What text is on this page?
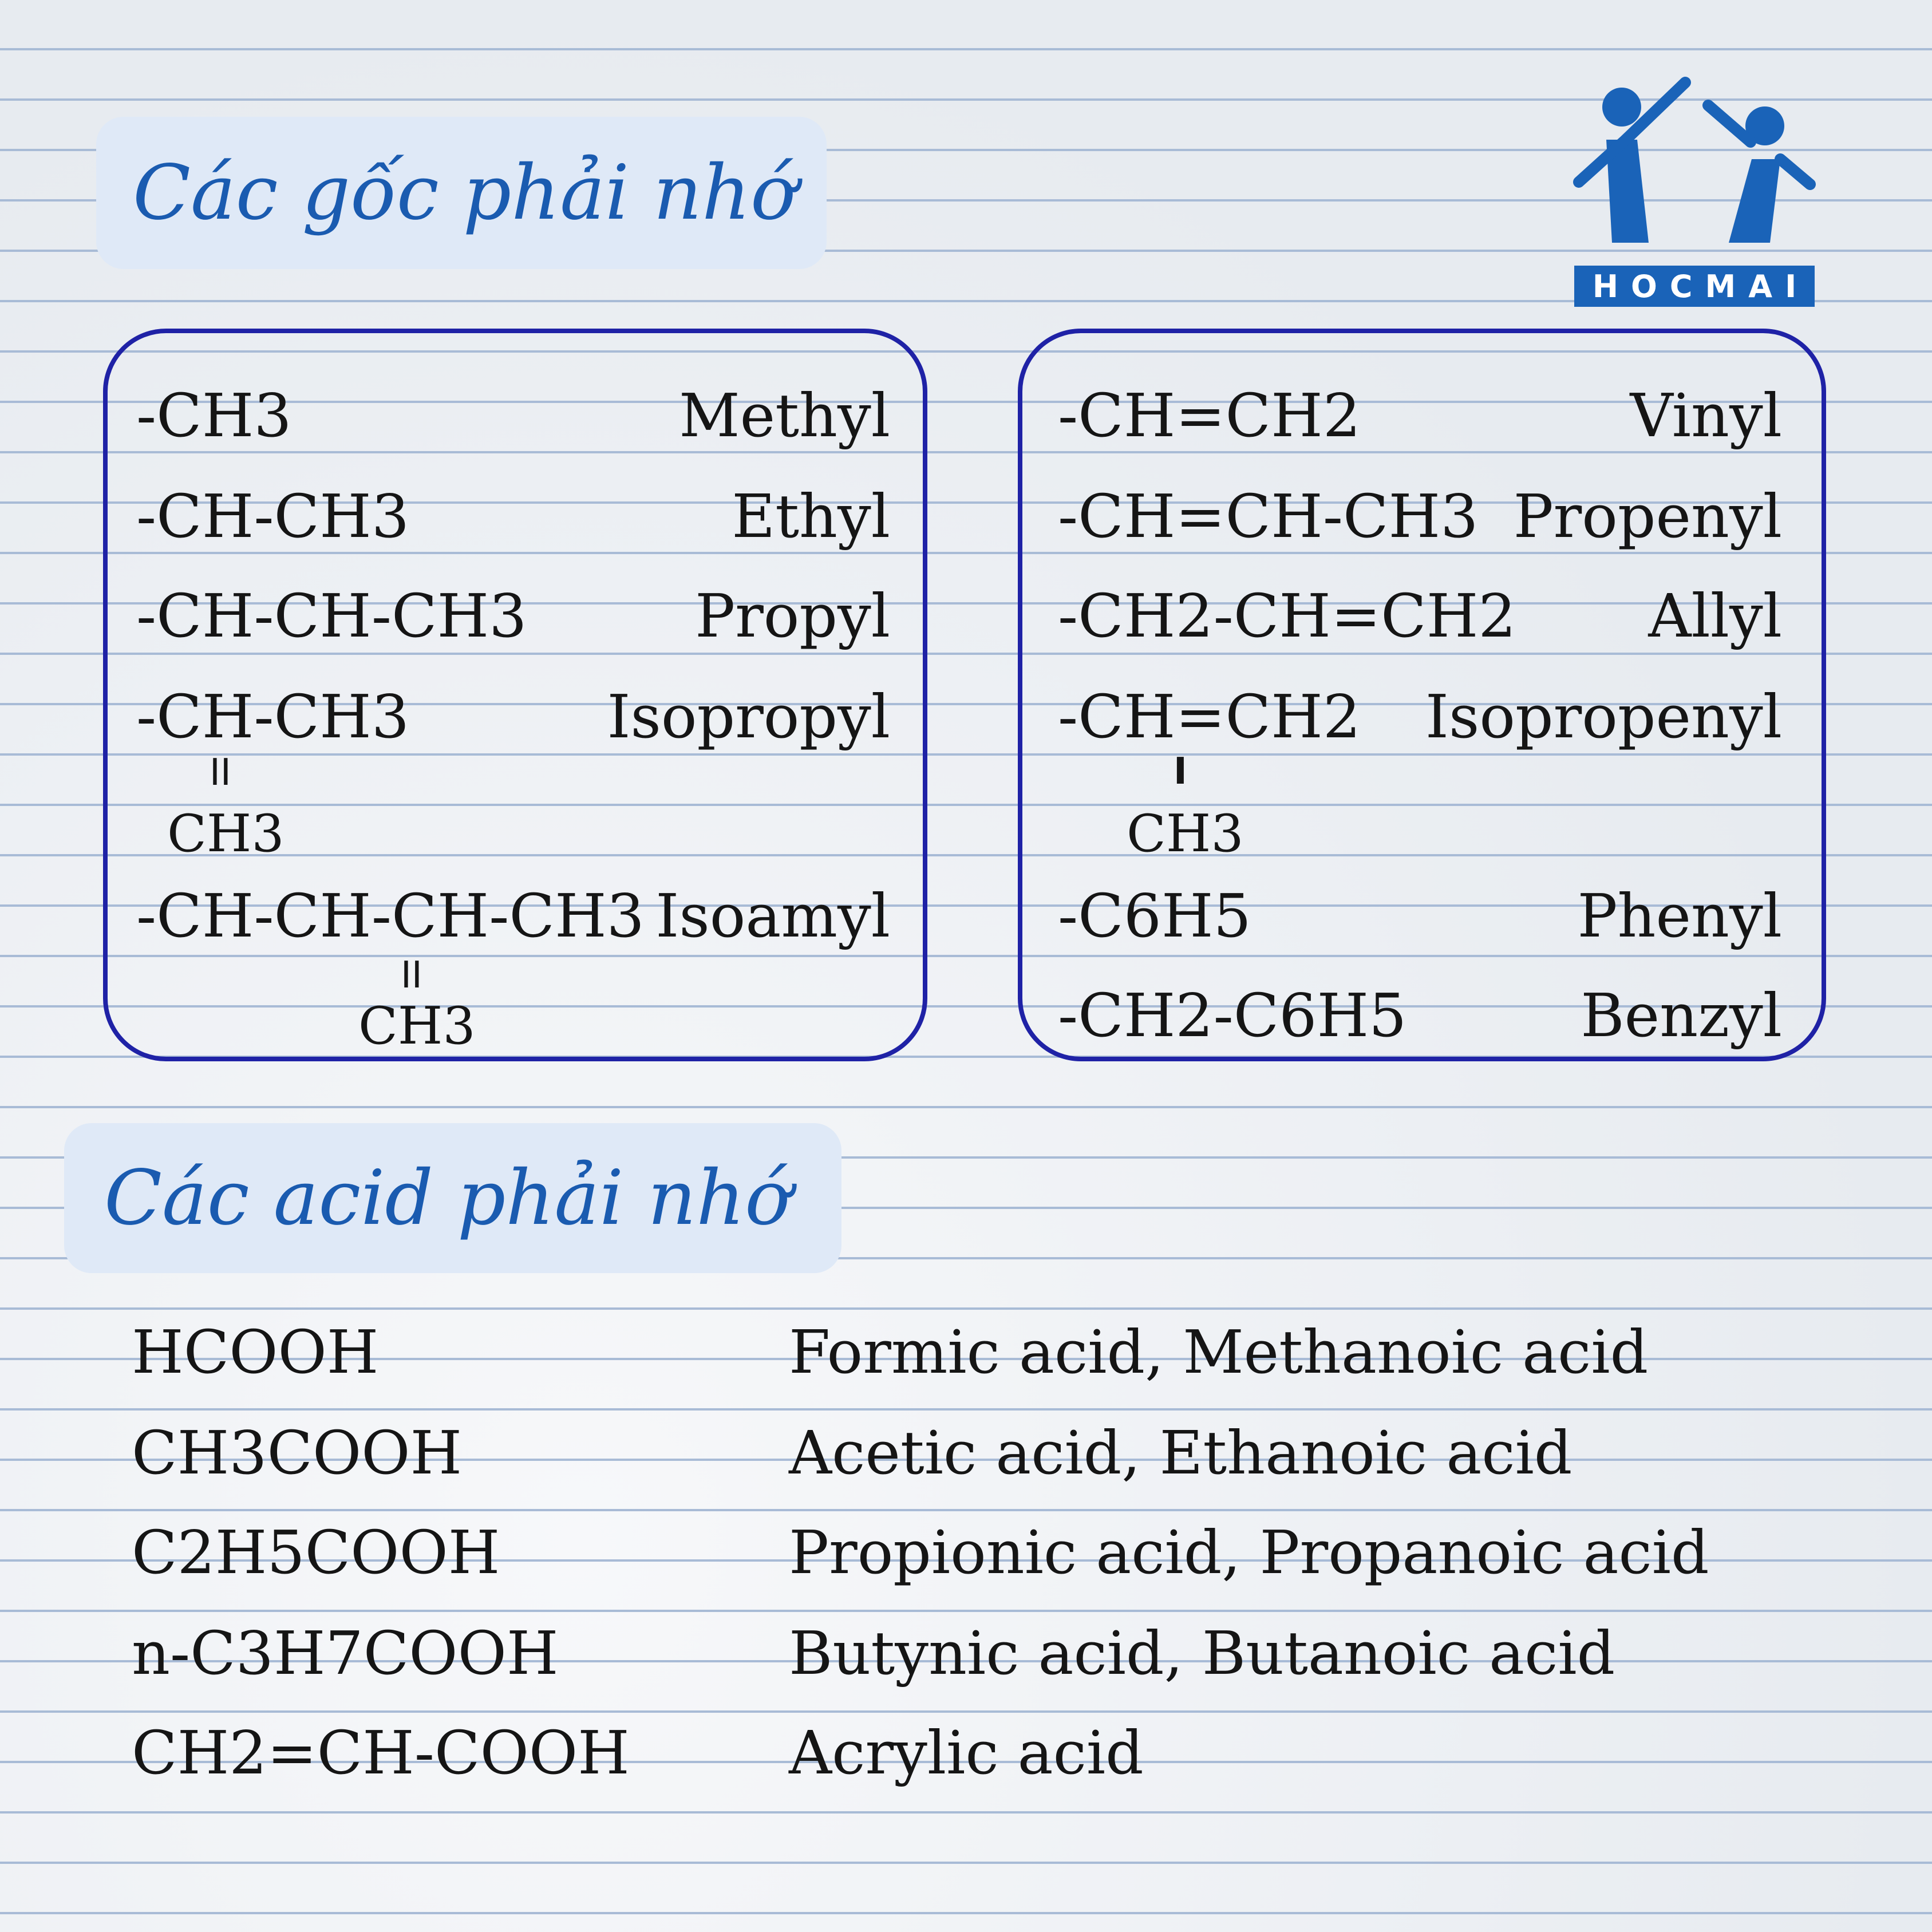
Các gốc phải nhớ
HOCMAI
-CH3	Methyl
-CH-CH3	Ethyl
-CH-CH-CH3	Propyl
-CH-CH3	Isopropyl
II
CH3
-CH-CH-CH-CH3 Isoamyl
II
CH3
-CH=CH2	Vinyl
-CH=CH-CH3 Propenyl
-CH2-CH=CH2 Allyl
-CH=CH2 Isopropenyl
I
CH3
-C6H5	Phenyl
-CH2-C6H5	Benzyl
Các acid phải nhớ
HCOOH	Formic acid, Methanoic acid
CH3COOH	Acetic acid, Ethanoic acid
C2H5COOH	Propionic acid, Propanoic acid
n-C3H7COOH	Butynic acid, Butanoic acid
CH2=CH-COOH	Acrylic acid
